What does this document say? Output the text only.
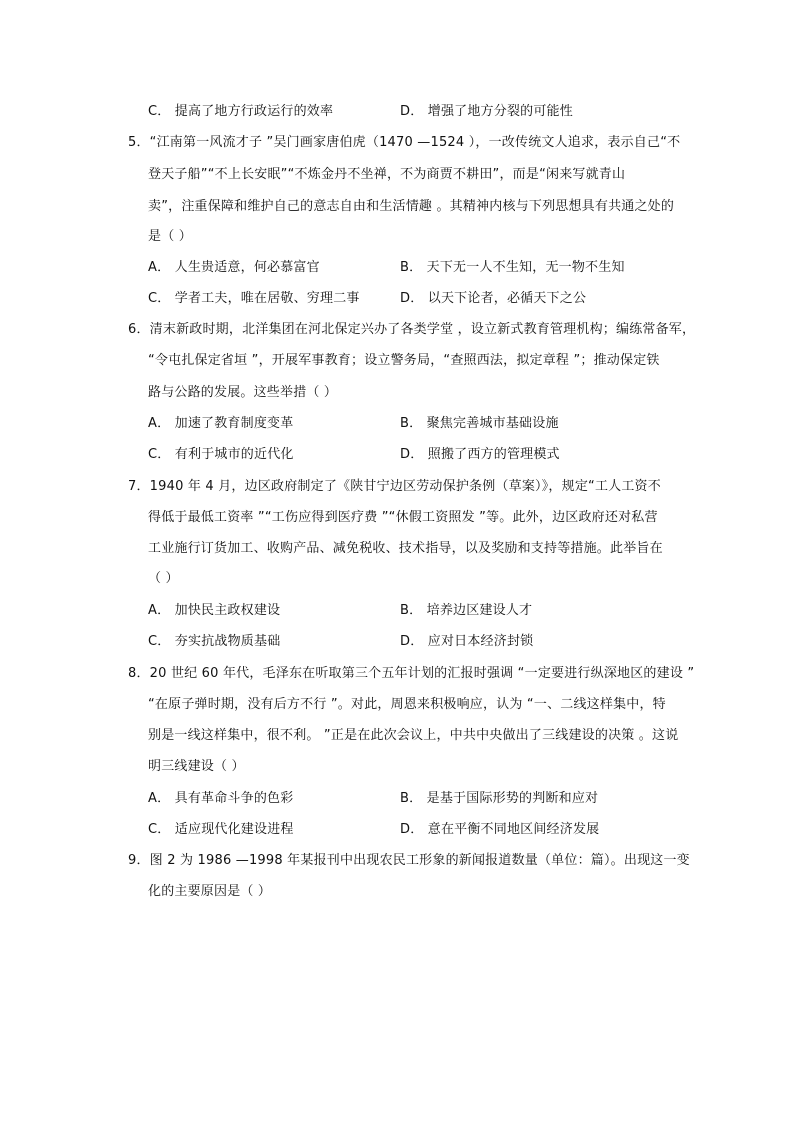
C． 提高了地方行政运行的效率	D． 增强了地方分裂的可能性
5．“江南第一风流才子 ”吴门画家唐伯虎（1470 —1524 ），一改传统文人追求，表示自己“不
登天子船”“不上长安眠”“不炼金丹不坐禅，不为商贾不耕田”，而是“闲来写就青山
卖”，注重保障和维护自己的意志自由和生活情趣 。其精神内核与下列思想具有共通之处的
是（ ）
A． 人生贵适意，何必慕富官	B． 天下无一人不生知，无一物不生知
C． 学者工夫，唯在居敬、穷理二事	D． 以天下论者，必循天下之公
6．清末新政时期，北洋集团在河北保定兴办了各类学堂 ，设立新式教育管理机构；编练常备军，
“令屯扎保定省垣 ”，开展军事教育；设立警务局，“查照西法，拟定章程 ”；推动保定铁
路与公路的发展。这些举措（ ）
A． 加速了教育制度变革	B． 聚焦完善城市基础设施
C． 有利于城市的近代化	D． 照搬了西方的管理模式
7．1940 年 4 月，边区政府制定了《陕甘宁边区劳动保护条例（草案）》，规定“工人工资不
得低于最低工资率 ”“工伤应得到医疗费 ”“休假工资照发 ”等。此外，边区政府还对私营
工业施行订货加工、收购产品、减免税收、技术指导，以及奖励和支持等措施。此举旨在
（ ）
A． 加快民主政权建设	B． 培养边区建设人才
C． 夯实抗战物质基础	D． 应对日本经济封锁
8．20 世纪 60 年代，毛泽东在听取第三个五年计划的汇报时强调 “一定要进行纵深地区的建设 ”
“在原子弹时期，没有后方不行 ”。对此，周恩来积极响应，认为 “一、二线这样集中，特
别是一线这样集中，很不利。 ”正是在此次会议上，中共中央做出了三线建设的决策 。这说
明三线建设（ ）
A． 具有革命斗争的色彩	B． 是基于国际形势的判断和应对
C． 适应现代化建设进程	D． 意在平衡不同地区间经济发展
9．图 2 为 1986 —1998 年某报刊中出现农民工形象的新闻报道数量（单位：篇）。出现这一变
化的主要原因是（ ）
